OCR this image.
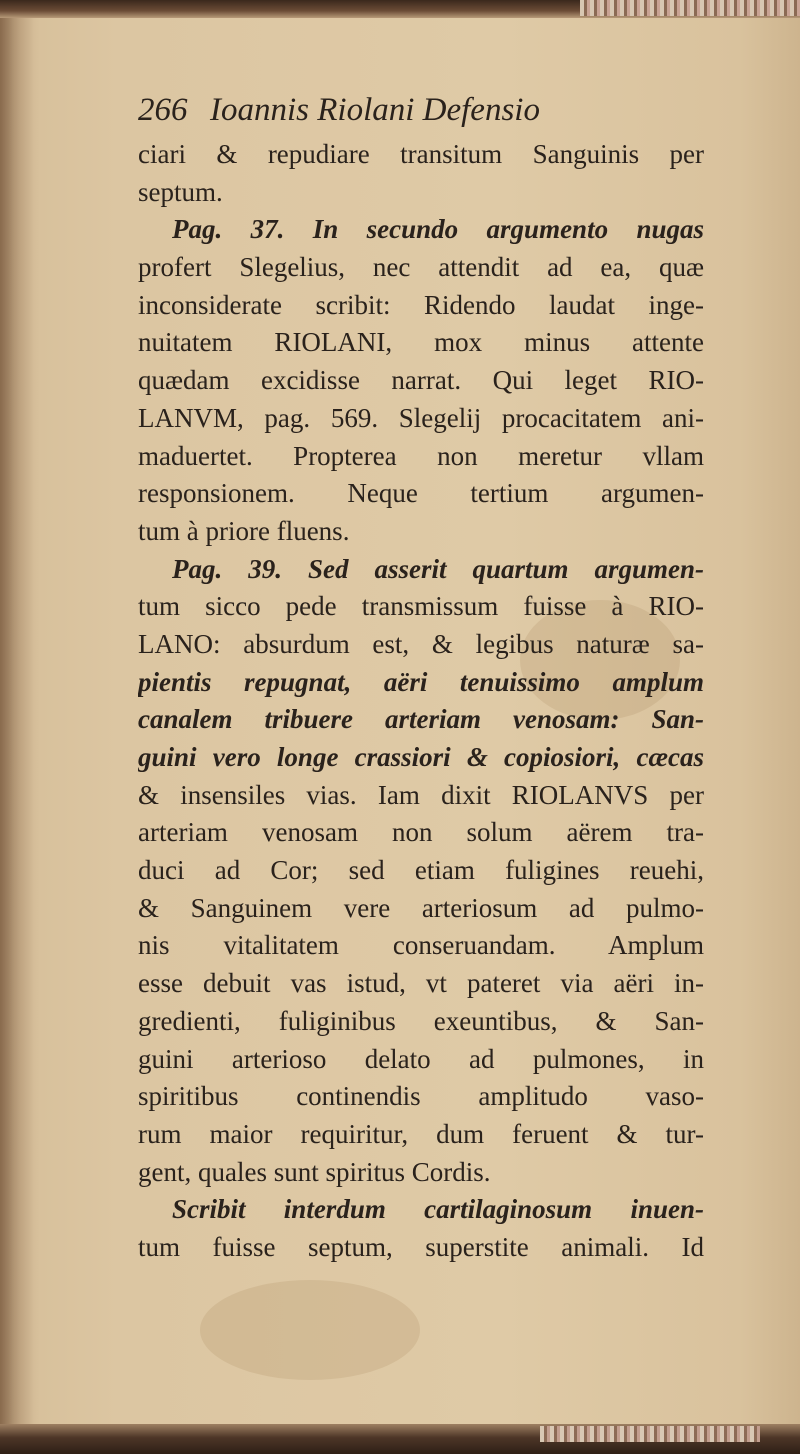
266 Ioannis Riolani Defensio
ciari & repudiare transitum Sanguinis per
septum.
Pag. 37. In secundo argumento nugas
profert Slegelius, nec attendit ad ea, quæ
inconsiderate scribit: Ridendo laudat inge-
nuitatem RIOLANI, mox minus attente
quædam excidisse narrat. Qui leget RIO-
LANVM, pag. 569. Slegelij procacitatem ani-
maduertet. Propterea non meretur vllam
responsionem. Neque tertium argumen-
tum à priore fluens.
Pag. 39. Sed asserit quartum argumen-
tum sicco pede transmissum fuisse à RIO-
LANO: absurdum est, & legibus naturæ sa-
pientis repugnat, aëri tenuissimo amplum
canalem tribuere arteriam venosam: San-
guini vero longe crassiori & copiosiori, cæcas
& insensiles vias. Iam dixit RIOLANVS per
arteriam venosam non solum aërem tra-
duci ad Cor; sed etiam fuligines reuehi,
& Sanguinem vere arteriosum ad pulmo-
nis vitalitatem conseruandam. Amplum
esse debuit vas istud, vt pateret via aëri in-
gredienti, fuliginibus exeuntibus, & San-
guini arterioso delato ad pulmones, in
spiritibus continendis amplitudo vaso-
rum maior requiritur, dum feruent & tur-
gent, quales sunt spiritus Cordis.
Scribit interdum cartilaginosum inuen-
tum fuisse septum, superstite animali. Id
